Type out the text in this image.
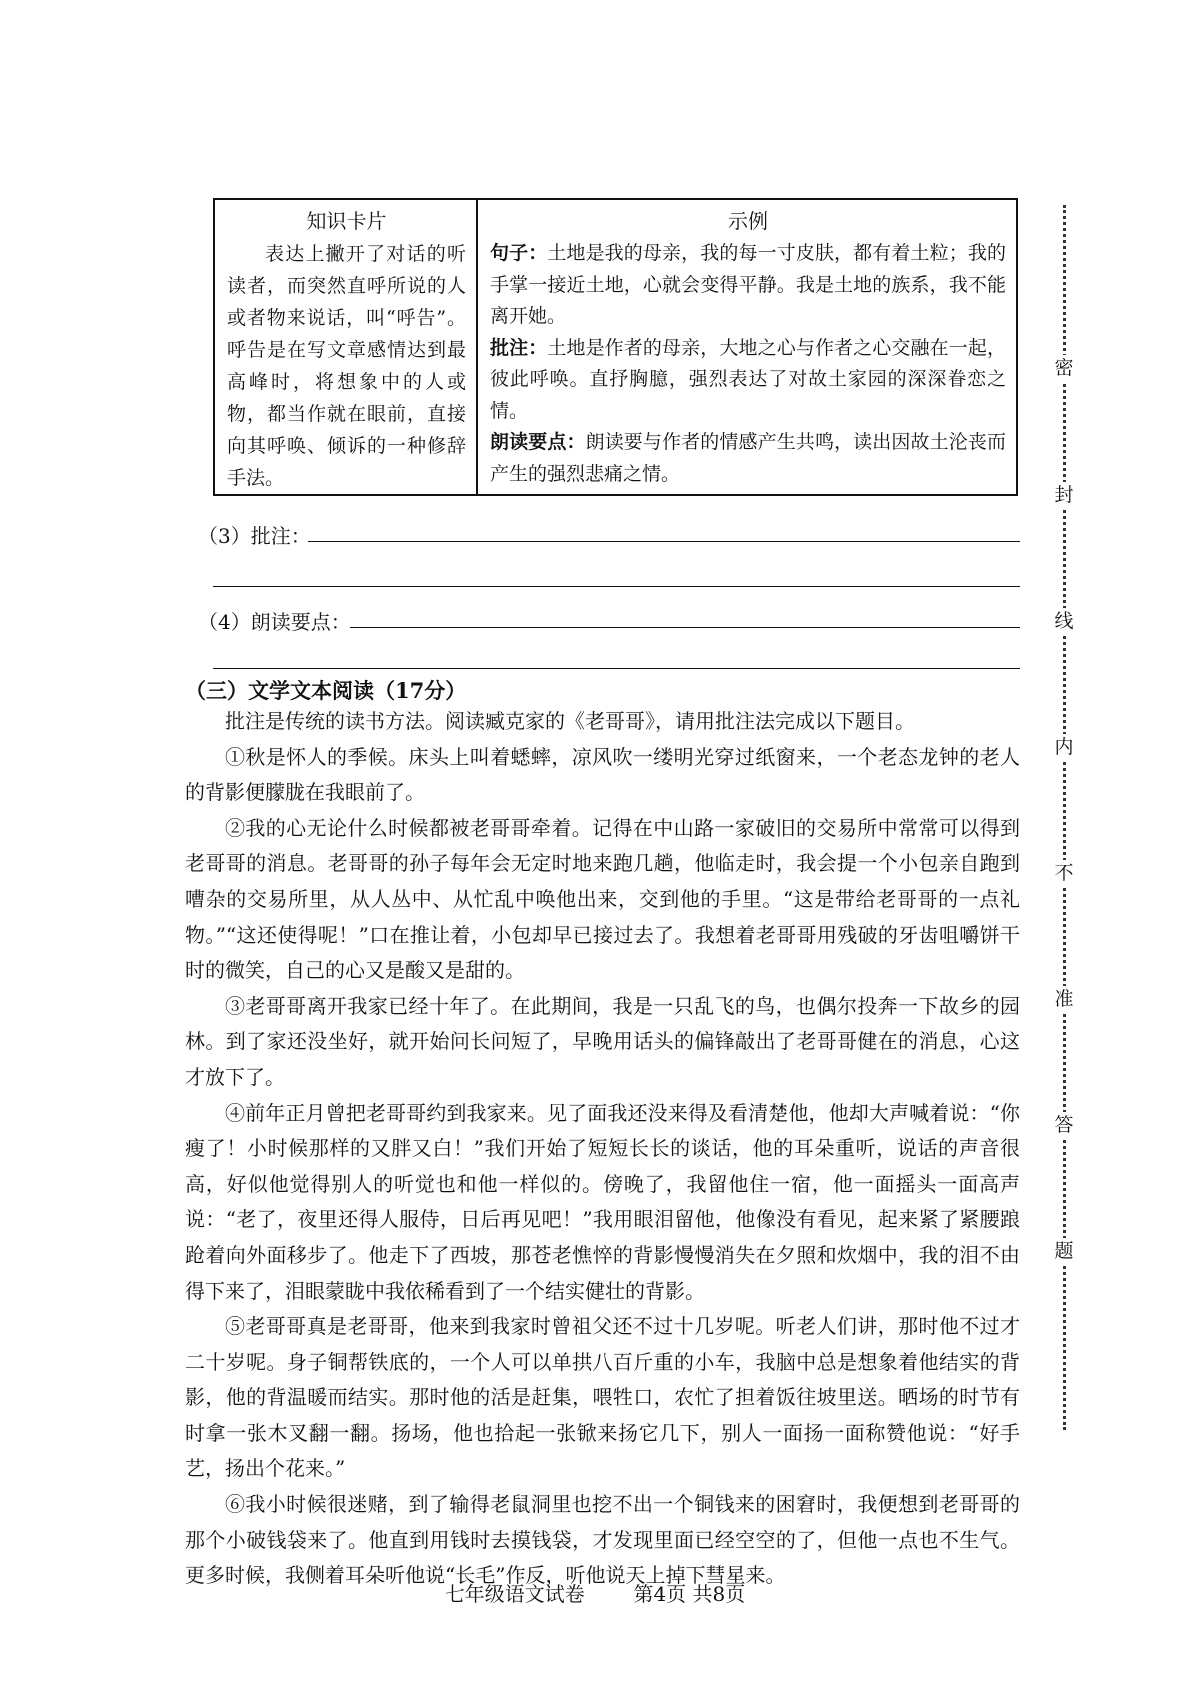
知识卡片
表达上撇开了对话的听读者，而突然直呼所说的人或者物来说话，叫“呼告”。呼告是在写文章感情达到最高峰时，将想象中的人或物，都当作就在眼前，直接向其呼唤、倾诉的一种修辞手法。
示例

句子：土地是我的母亲，我的每一寸皮肤，都有着土粒；我的手掌一接近土地，心就会变得平静。我是土地的族系，我不能离开她。

批注：土地是作者的母亲，大地之心与作者之心交融在一起，彼此呼唤。直抒胸臆，强烈表达了对故土家园的深深眷恋之情。

朗读要点：朗读要与作者的情感产生共鸣，读出因故土沦丧而产生的强烈悲痛之情。

（3）批注：
（4）朗读要点：
（三）文学文本阅读（17分）

批注是传统的读书方法。阅读臧克家的《老哥哥》，请用批注法完成以下题目。

①秋是怀人的季候。床头上叫着蟋蟀，凉风吹一缕明光穿过纸窗来，一个老态龙钟的老人的背影便朦胧在我眼前了。

②我的心无论什么时候都被老哥哥牵着。记得在中山路一家破旧的交易所中常常可以得到老哥哥的消息。老哥哥的孙子每年会无定时地来跑几趟，他临走时，我会提一个小包亲自跑到嘈杂的交易所里，从人丛中、从忙乱中唤他出来，交到他的手里。“这是带给老哥哥的一点礼物。”“这还使得呢！”口在推让着，小包却早已接过去了。我想着老哥哥用残破的牙齿咀嚼饼干时的微笑，自己的心又是酸又是甜的。

③老哥哥离开我家已经十年了。在此期间，我是一只乱飞的鸟，也偶尔投奔一下故乡的园林。到了家还没坐好，就开始问长问短了，早晚用话头的偏锋敲出了老哥哥健在的消息，心这才放下了。

④前年正月曾把老哥哥约到我家来。见了面我还没来得及看清楚他，他却大声喊着说：“你瘦了！小时候那样的又胖又白！”我们开始了短短长长的谈话，他的耳朵重听，说话的声音很高，好似他觉得别人的听觉也和他一样似的。傍晚了，我留他住一宿，他一面摇头一面高声说：“老了，夜里还得人服侍，日后再见吧！”我用眼泪留他，他像没有看见，起来紧了紧腰踉跄着向外面移步了。他走下了西坡，那苍老憔悴的背影慢慢消失在夕照和炊烟中，我的泪不由得下来了，泪眼蒙眬中我依稀看到了一个结实健壮的背影。

⑤老哥哥真是老哥哥，他来到我家时曾祖父还不过十几岁呢。听老人们讲，那时他不过才二十岁呢。身子铜帮铁底的，一个人可以单拱八百斤重的小车，我脑中总是想象着他结实的背影，他的背温暖而结实。那时他的活是赶集，喂牲口，农忙了担着饭往坡里送。晒场的时节有时拿一张木叉翻一翻。扬场，他也拾起一张锨来扬它几下，别人一面扬一面称赞他说：“好手艺，扬出个花来。”

⑥我小时候很迷赌，到了输得老鼠洞里也挖不出一个铜钱来的困窘时，我便想到老哥哥的那个小破钱袋来了。他直到用钱时去摸钱袋，才发现里面已经空空的了，但他一点也不生气。更多时候，我侧着耳朵听他说“长毛”作反，听他说天上掉下彗星来。

七年级语文试卷 第4页 共8页
密
封
线
内
不
准
答
题
